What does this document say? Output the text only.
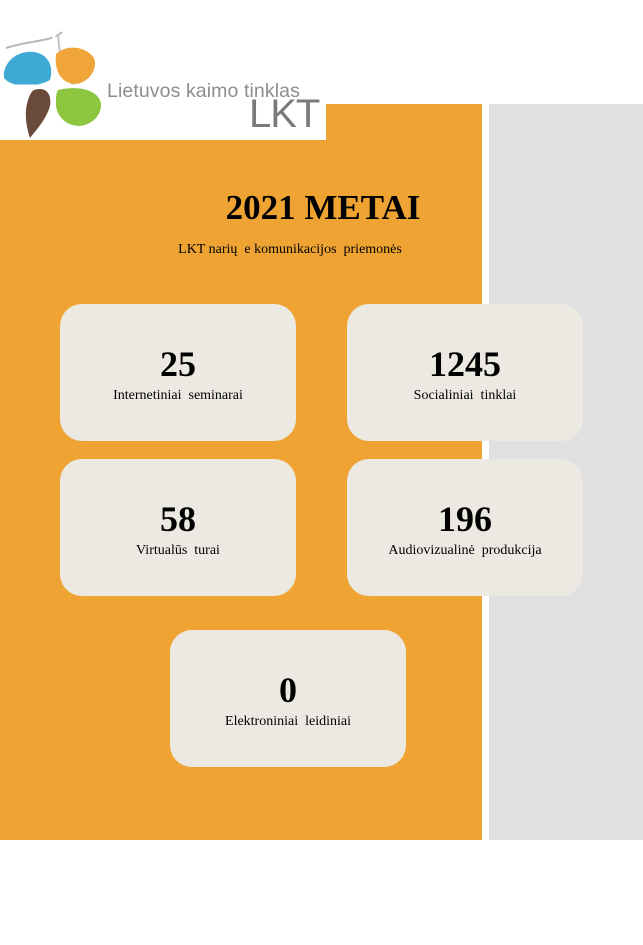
Lietuvos kaimo tinklas
LKT
2021 METAI
LKT narių  e komunikacijos  priemonės
25
Internetiniai  seminarai
1245
Socialiniai  tinklai
58
Virtualūs  turai
196
Audiovizualinė  produkcija
0
Elektroniniai  leidiniai
